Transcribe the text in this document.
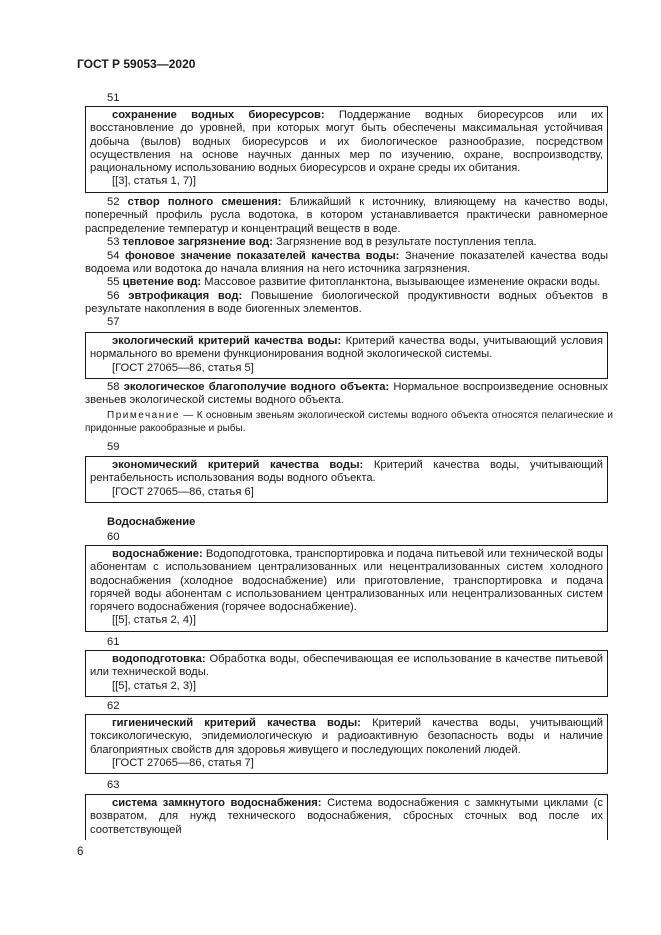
ГОСТ Р 59053—2020
51

сохранение водных биоресурсов: Поддержание водных биоресурсов или их восстановление до уровней, при которых могут быть обеспечены максимальная устойчивая добыча (вылов) водных биоресурсов и их биологическое разнообразие, посредством осуществления на основе научных данных мер по изучению, охране, воспроизводству, рациональному использованию водных биоресурсов и охране среды их обитания.

[[3], статья 1, 7)]

52 створ полного смешения: Ближайший к источнику, влияющему на качество воды, поперечный профиль русла водотока, в котором устанавливается практически равномерное распределение температур и концентраций веществ в воде.

53 тепловое загрязнение вод: Загрязнение вод в результате поступления тепла.

54 фоновое значение показателей качества воды: Значение показателей качества воды водоема или водотока до начала влияния на него источника загрязнения.

55 цветение вод: Массовое развитие фитопланктона, вызывающее изменение окраски воды.

56 эвтрофикация вод: Повышение биологической продуктивности водных объектов в результате накопления в воде биогенных элементов.

57

экологический критерий качества воды: Критерий качества воды, учитывающий условия нормального во времени функционирования водной экологической системы.

[ГОСТ 27065—86, статья 5]

58 экологическое благополучие водного объекта: Нормальное воспроизведение основных звеньев экологической системы водного объекта.

Примечание — К основным звеньям экологической системы водного объекта относятся пелагические и придонные ракообразные и рыбы.
59

экономический критерий качества воды: Критерий качества воды, учитывающий рентабельность использования воды водного объекта.

[ГОСТ 27065—86, статья 6]

Водоснабжение
60

водоснабжение: Водоподготовка, транспортировка и подача питьевой или технической воды абонентам с использованием централизованных или нецентрализованных систем холодного водоснабжения (холодное водоснабжение) или приготовление, транспортировка и подача горячей воды абонентам с использованием централизованных или нецентрализованных систем горячего водоснабжения (горячее водоснабжение).

[[5], статья 2, 4)]

61

водоподготовка: Обработка воды, обеспечивающая ее использование в качестве питьевой или технической воды.

[[5], статья 2, 3)]

62

гигиенический критерий качества воды: Критерий качества воды, учитывающий токсикологическую, эпидемиологическую и радиоактивную безопасность воды и наличие благоприятных свойств для здоровья живущего и последующих поколений людей.

[ГОСТ 27065—86, статья 7]

63

система замкнутого водоснабжения: Система водоснабжения с замкнутыми циклами (с возвратом, для нужд технического водоснабжения, сбросных сточных вод после их соответствующей

6
